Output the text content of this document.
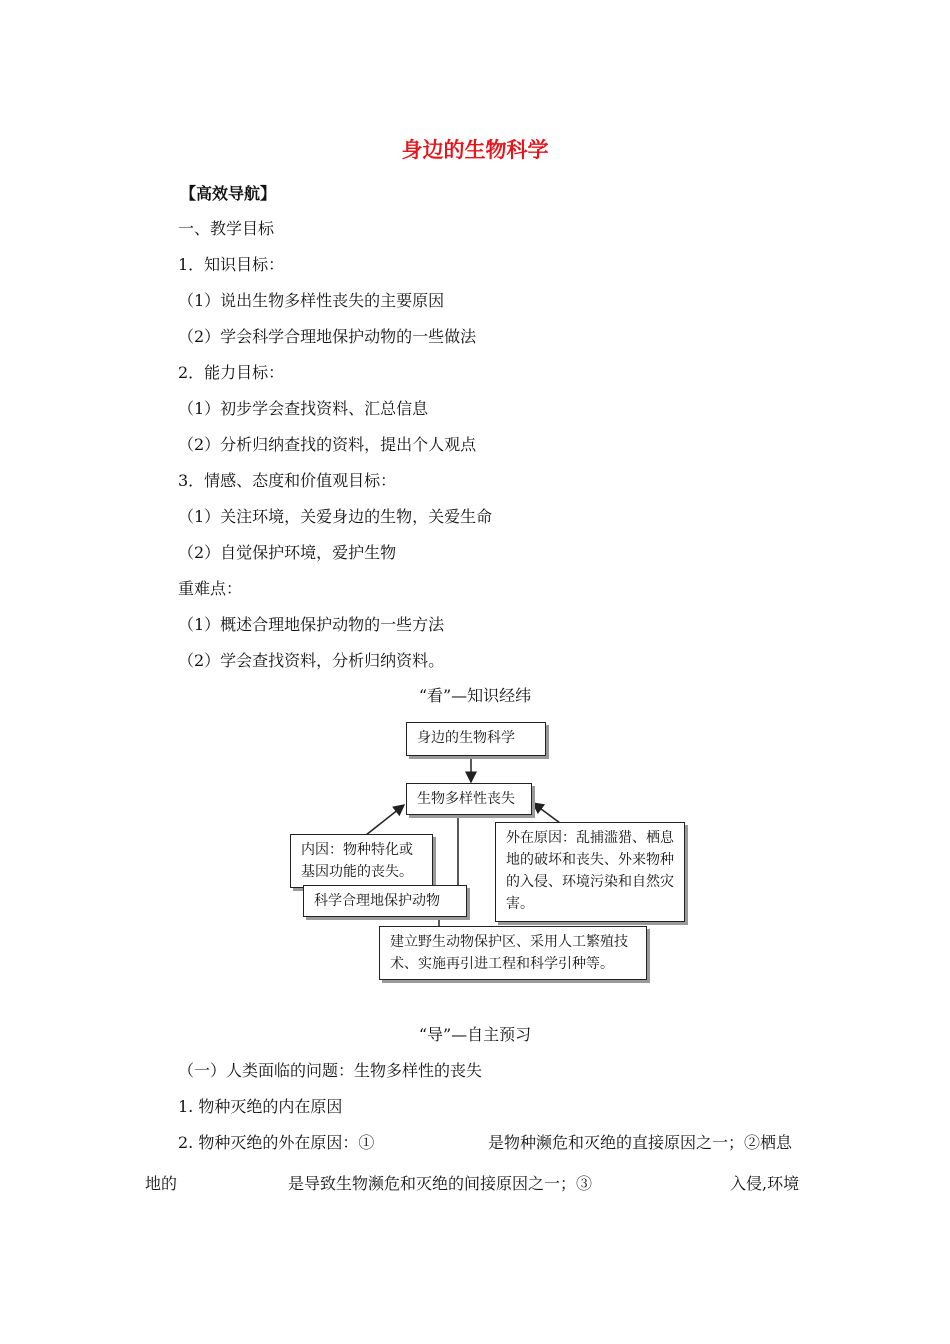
身边的生物科学
【高效导航】
一、教学目标
1．知识目标：
（1）说出生物多样性丧失的主要原因
（2）学会科学合理地保护动物的一些做法
2．能力目标：
（1）初步学会查找资料、汇总信息
（2）分析归纳查找的资料，提出个人观点
3．情感、态度和价值观目标：
（1）关注环境，关爱身边的生物，关爱生命
（2）自觉保护环境，爱护生物
重难点：
（1）概述合理地保护动物的一些方法
（2）学会查找资料，分析归纳资料。
“看”—知识经纬
身边的生物科学
生物多样性丧失
内因：物种特化或基因功能的丧失。
外在原因：乱捕滥猎、栖息地的破坏和丧失、外来物种的入侵、环境污染和自然灾害。
科学合理地保护动物
建立野生动物保护区、采用人工繁殖技术、实施再引进工程和科学引种等。
“导”—自主预习
（一）人类面临的问题：生物多样性的丧失
1. 物种灭绝的内在原因
2. 物种灭绝的外在原因：①	是物种濒危和灭绝的直接原因之一；②栖息
地的	是导致生物濒危和灭绝的间接原因之一；③	入侵,环境
